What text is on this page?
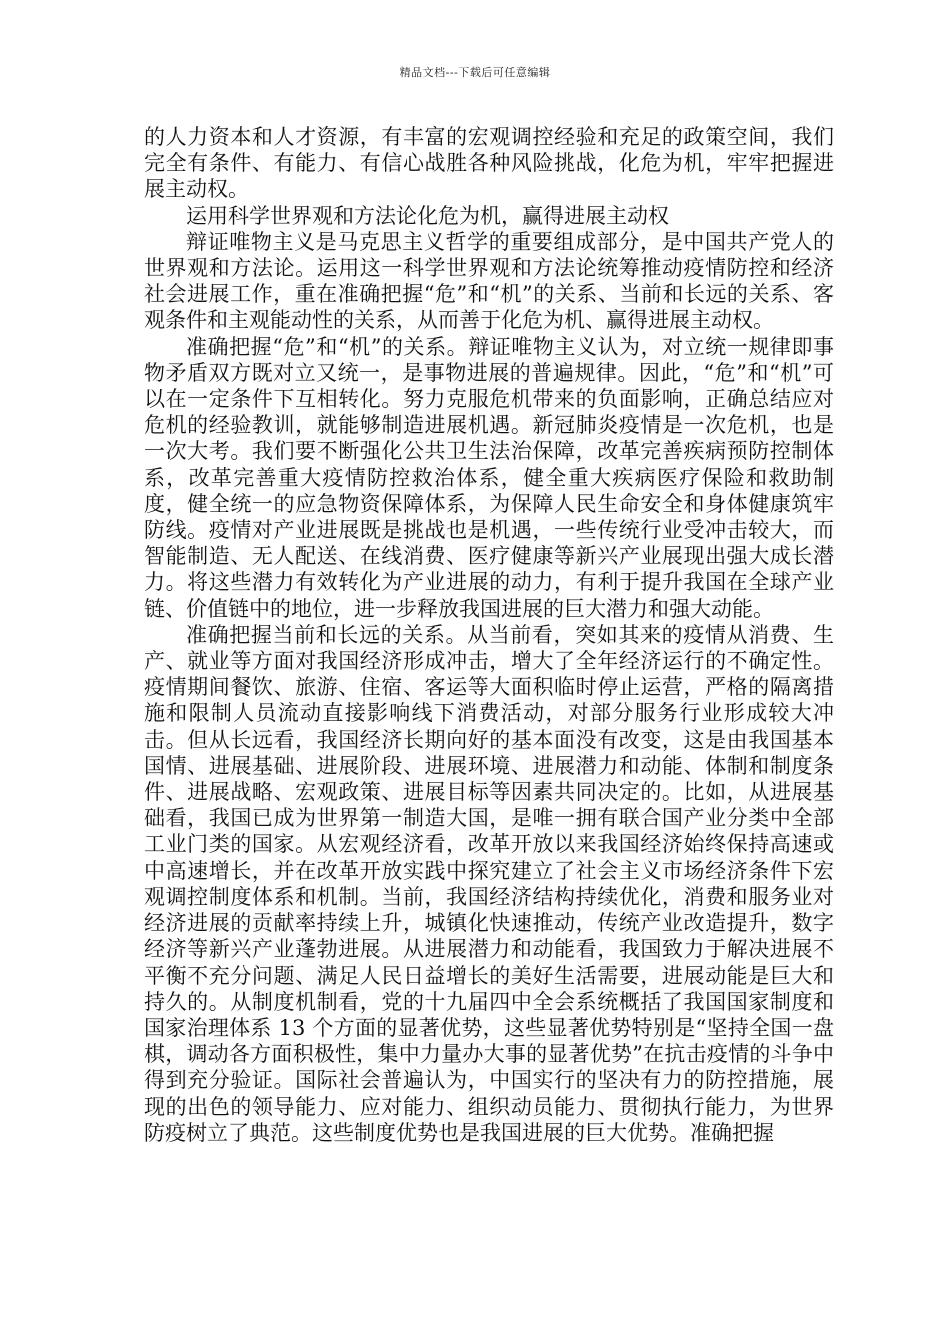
精品文档---下载后可任意编辑

的人力资本和人才资源，有丰富的宏观调控经验和充足的政策空间，我们完全有条件、有能力、有信心战胜各种风险挑战，化危为机，牢牢把握进展主动权。

运用科学世界观和方法论化危为机，赢得进展主动权

辩证唯物主义是马克思主义哲学的重要组成部分，是中国共产党人的世界观和方法论。运用这一科学世界观和方法论统筹推动疫情防控和经济社会进展工作，重在准确把握“危”和“机”的关系、当前和长远的关系、客观条件和主观能动性的关系，从而善于化危为机、赢得进展主动权。

准确把握“危”和“机”的关系。辩证唯物主义认为，对立统一规律即事物矛盾双方既对立又统一，是事物进展的普遍规律。因此，“危”和“机”可以在一定条件下互相转化。努力克服危机带来的负面影响，正确总结应对危机的经验教训，就能够制造进展机遇。新冠肺炎疫情是一次危机，也是一次大考。我们要不断强化公共卫生法治保障，改革完善疾病预防控制体系，改革完善重大疫情防控救治体系，健全重大疾病医疗保险和救助制度，健全统一的应急物资保障体系，为保障人民生命安全和身体健康筑牢防线。疫情对产业进展既是挑战也是机遇，一些传统行业受冲击较大，而智能制造、无人配送、在线消费、医疗健康等新兴产业展现出强大成长潜力。将这些潜力有效转化为产业进展的动力，有利于提升我国在全球产业链、价值链中的地位，进一步释放我国进展的巨大潜力和强大动能。

准确把握当前和长远的关系。从当前看，突如其来的疫情从消费、生产、就业等方面对我国经济形成冲击，增大了全年经济运行的不确定性。疫情期间餐饮、旅游、住宿、客运等大面积临时停止运营，严格的隔离措施和限制人员流动直接影响线下消费活动，对部分服务行业形成较大冲击。但从长远看，我国经济长期向好的基本面没有改变，这是由我国基本国情、进展基础、进展阶段、进展环境、进展潜力和动能、体制和制度条件、进展战略、宏观政策、进展目标等因素共同决定的。比如，从进展基础看，我国已成为世界第一制造大国，是唯一拥有联合国产业分类中全部工业门类的国家。从宏观经济看，改革开放以来我国经济始终保持高速或中高速增长，并在改革开放实践中探究建立了社会主义市场经济条件下宏观调控制度体系和机制。当前，我国经济结构持续优化，消费和服务业对经济进展的贡献率持续上升，城镇化快速推动，传统产业改造提升，数字经济等新兴产业蓬勃进展。从进展潜力和动能看，我国致力于解决进展不平衡不充分问题、满足人民日益增长的美好生活需要，进展动能是巨大和持久的。从制度机制看，党的十九届四中全会系统概括了我国国家制度和国家治理体系 13 个方面的显著优势，这些显著优势特别是“坚持全国一盘棋，调动各方面积极性，集中力量办大事的显著优势”在抗击疫情的斗争中得到充分验证。国际社会普遍认为，中国实行的坚决有力的防控措施，展现的出色的领导能力、应对能力、组织动员能力、贯彻执行能力，为世界防疫树立了典范。这些制度优势也是我国进展的巨大优势。准确把握
